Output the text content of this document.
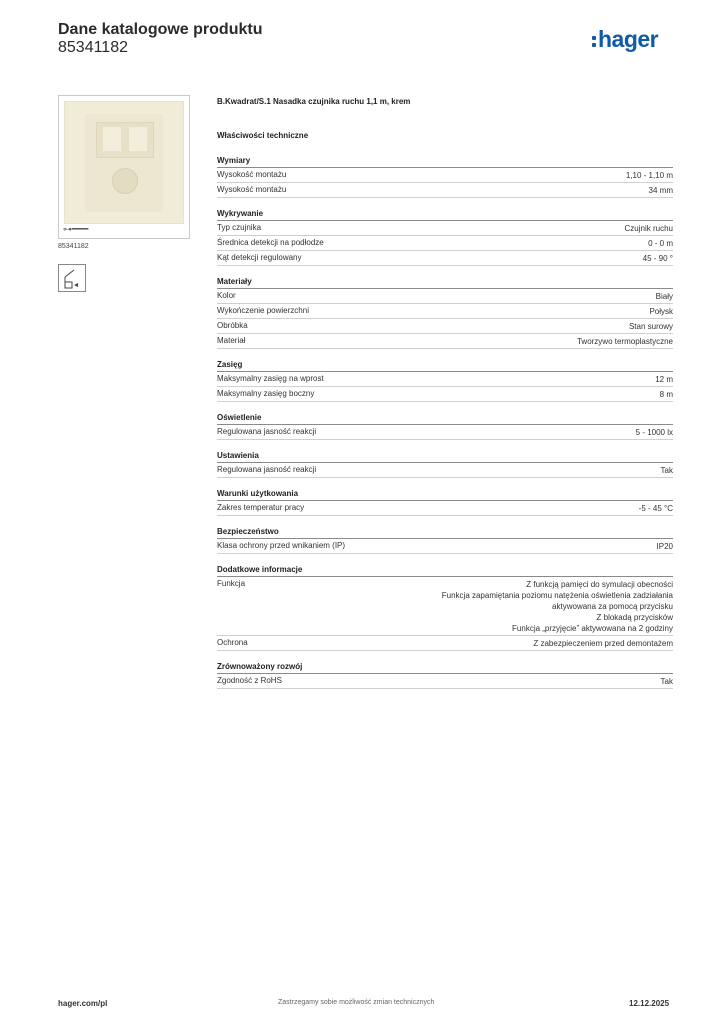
Dane katalogowe produktu
85341182	hager
⊶━━━
85341182
B.Kwadrat/S.1 Nasadka czujnika ruchu 1,1 m, krem
Właściwości techniczne
Wymiary
Wysokość montażu	1,10 - 1,10 m
Wysokość montażu	34 mm
Wykrywanie
Typ czujnika	Czujnik ruchu
Średnica detekcji na podłodze	0 - 0 m
Kąt detekcji regulowany	45 - 90 °
Materiały
Kolor	Biały
Wykończenie powierzchni	Połysk
Obróbka	Stan surowy
Materiał	Tworzywo termoplastyczne
Zasięg
Maksymalny zasięg na wprost	12 m
Maksymalny zasięg boczny	8 m
Oświetlenie
Regulowana jasność reakcji	5 - 1000 lx
Ustawienia
Regulowana jasność reakcji	Tak
Warunki użytkowania
Zakres temperatur pracy	-5 - 45 °C
Bezpieczeństwo
Klasa ochrony przed wnikaniem (IP)	IP20
Dodatkowe informacje
Funkcja	Z funkcją pamięci do symulacji obecności
Funkcja zapamiętania poziomu natężenia oświetlenia zadziałania
aktywowana za pomocą przycisku
Z blokadą przycisków
Funkcja „przyjęcie” aktywowana na 2 godziny
Ochrona	Z zabezpieczeniem przed demontażem
Zrównoważony rozwój
Zgodność z RoHS	Tak
hager.com/pl	Zastrzegamy sobie możliwość zmian technicznych	12.12.2025
